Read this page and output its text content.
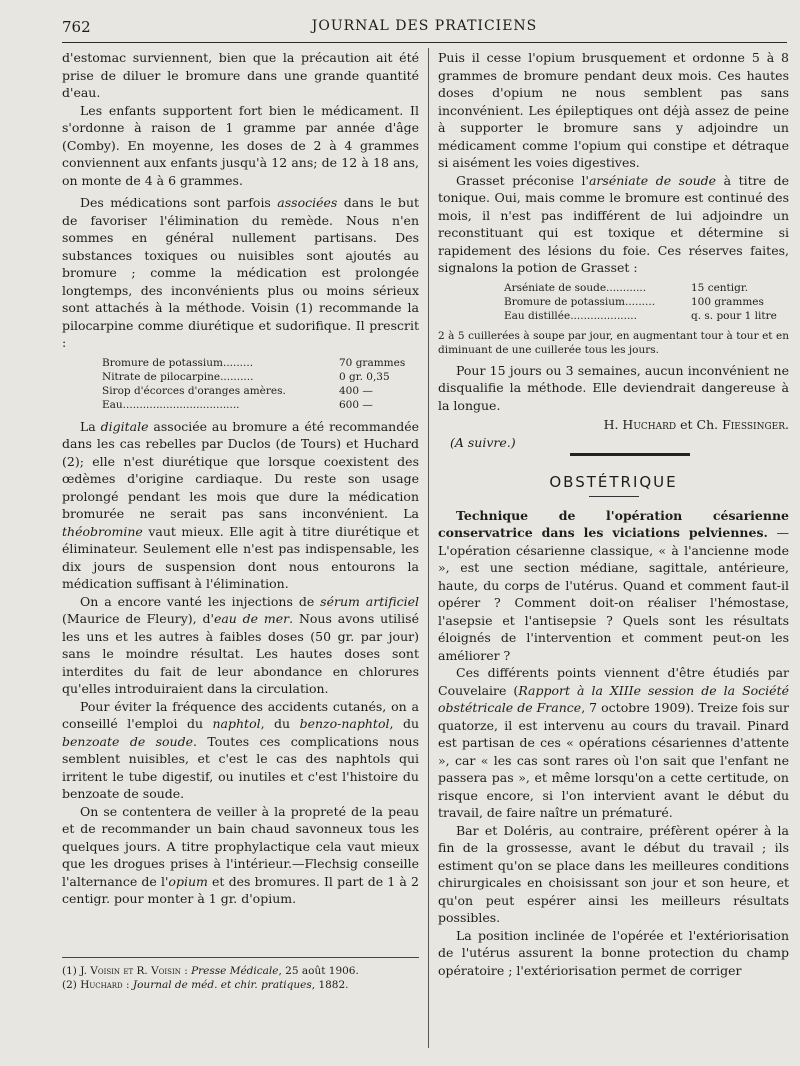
762	JOURNAL DES PRATICIENS

d'estomac surviennent, bien que la précaution ait été prise de diluer le bromure dans une grande quantité d'eau.

Les enfants supportent fort bien le médicament. Il s'ordonne à raison de 1 gramme par année d'âge (Comby). En moyenne, les doses de 2 à 4 grammes conviennent aux enfants jusqu'à 12 ans; de 12 à 18 ans, on monte de 4 à 6 grammes.

Des médications sont parfois associées dans le but de favoriser l'élimination du remède. Nous n'en sommes en général nullement partisans. Des substances toxiques ou nuisibles sont ajoutés au bromure ; comme la médication est prolongée longtemps, des inconvénients plus ou moins sérieux sont attachés à la méthode. Voisin (1) recommande la pilocarpine comme diurétique et sudorifique. Il prescrit :

Bromure de potassium.........	70 grammes
Nitrate de pilocarpine..........	0 gr. 0,35
Sirop d'écorces d'oranges amères.	400 —
Eau...................................	600 —

La digitale associée au bromure a été recommandée dans les cas rebelles par Duclos (de Tours) et Huchard (2); elle n'est diurétique que lorsque coexistent des œdèmes d'origine cardiaque. Du reste son usage prolongé pendant les mois que dure la médication bromurée ne serait pas sans inconvénient. La théobromine vaut mieux. Elle agit à titre diurétique et éliminateur. Seulement elle n'est pas indispensable, les dix jours de suspension dont nous entourons la médication suffisant à l'élimination.

On a encore vanté les injections de sérum artificiel (Maurice de Fleury), d'eau de mer. Nous avons utilisé les uns et les autres à faibles doses (50 gr. par jour) sans le moindre résultat. Les hautes doses sont interdites du fait de leur abondance en chlorures qu'elles introduiraient dans la circulation.

Pour éviter la fréquence des accidents cutanés, on a conseillé l'emploi du naphtol, du benzo-naphtol, du benzoate de soude. Toutes ces complications nous semblent nuisibles, et c'est le cas des naphtols qui irritent le tube digestif, ou inutiles et c'est l'histoire du benzoate de soude.

On se contentera de veiller à la propreté de la peau et de recommander un bain chaud savonneux tous les quelques jours. A titre prophylactique cela vaut mieux que les drogues prises à l'intérieur.—Flechsig conseille l'alternance de l'opium et des bromures. Il part de 1 à 2 centigr. pour monter à 1 gr. d'opium.

(1) J. Voisin et R. Voisin : Presse Médicale, 25 août 1906.
(2) Huchard : Journal de méd. et chir. pratiques, 1882.

Puis il cesse l'opium brusquement et ordonne 5 à 8 grammes de bromure pendant deux mois. Ces hautes doses d'opium ne nous semblent pas sans inconvénient. Les épileptiques ont déjà assez de peine à supporter le bromure sans y adjoindre un médicament comme l'opium qui constipe et détraque si aisément les voies digestives.

Grasset préconise l'arséniate de soude à titre de tonique. Oui, mais comme le bromure est continué des mois, il n'est pas indifférent de lui adjoindre un reconstituant qui est toxique et détermine si rapidement des lésions du foie. Ces réserves faites, signalons la potion de Grasset :

Arséniate de soude............	15 centigr.
Bromure de potassium.........	100 grammes
Eau distillée....................	q. s. pour 1 litre

2 à 5 cuillerées à soupe par jour, en augmentant tour à tour et en diminuant de une cuillerée tous les jours.

Pour 15 jours ou 3 semaines, aucun inconvénient ne disqualifie la méthode. Elle deviendrait dangereuse à la longue.

H. Huchard et Ch. Fiessinger.
(A suivre.)
OBSTÉTRIQUE

Technique de l'opération césarienne conservatrice dans les viciations pelviennes. — L'opération césarienne classique, « à l'ancienne mode », est une section médiane, sagittale, antérieure, haute, du corps de l'utérus. Quand et comment faut-il opérer ? Comment doit-on réaliser l'hémostase, l'asepsie et l'antisepsie ? Quels sont les résultats éloignés de l'intervention et comment peut-on les améliorer ?

Ces différents points viennent d'être étudiés par Couvelaire (Rapport à la XIIIe session de la Société obstétricale de France, 7 octobre 1909). Treize fois sur quatorze, il est intervenu au cours du travail. Pinard est partisan de ces « opérations césariennes d'attente », car « les cas sont rares où l'on sait que l'enfant ne passera pas », et même lorsqu'on a cette certitude, on risque encore, si l'on intervient avant le début du travail, de faire naître un prématuré.

Bar et Doléris, au contraire, préfèrent opérer à la fin de la grossesse, avant le début du travail ; ils estiment qu'on se place dans les meilleures conditions chirurgicales en choisissant son jour et son heure, et qu'on peut espérer ainsi les meilleurs résultats possibles.

La position inclinée de l'opérée et l'extériorisation de l'utérus assurent la bonne protection du champ opératoire ; l'extériorisation permet de corriger
